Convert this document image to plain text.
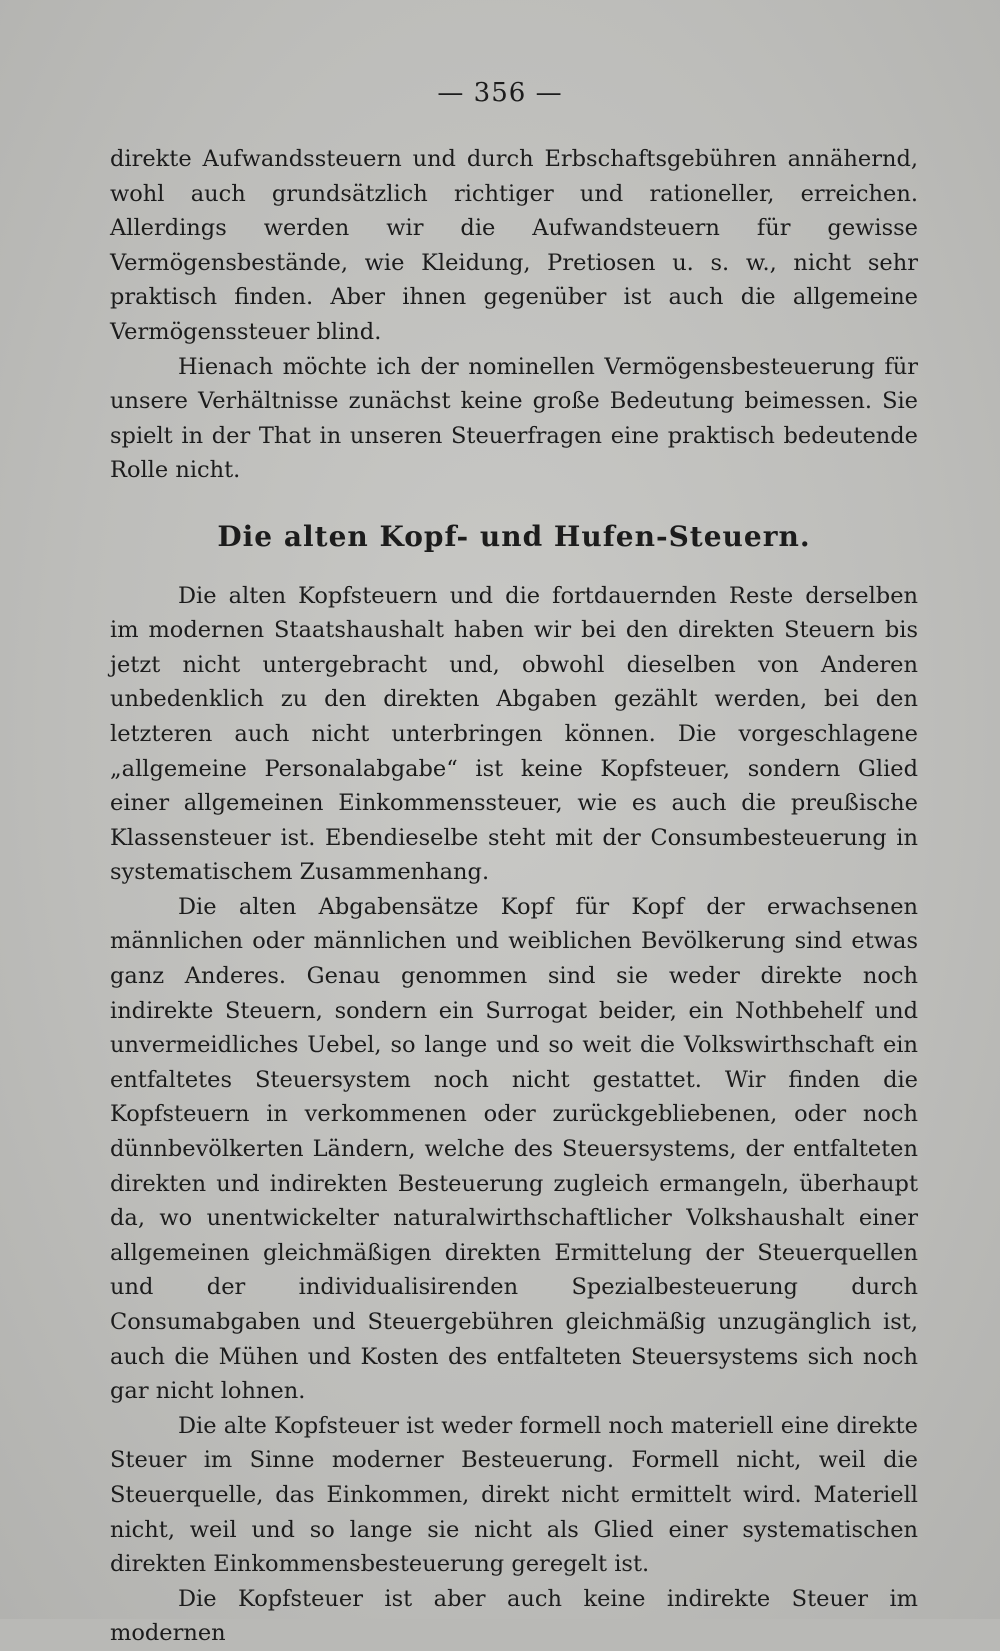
— 356 —

direkte Aufwandssteuern und durch Erbschaftsgebühren annähernd, wohl auch grundsätzlich richtiger und rationeller, erreichen. Allerdings werden wir die Aufwandsteuern für gewisse Vermögensbestände, wie Kleidung, Pretiosen u. s. w., nicht sehr praktisch finden. Aber ihnen gegenüber ist auch die allgemeine Vermögenssteuer blind.

Hienach möchte ich der nominellen Vermögensbesteuerung für unsere Verhältnisse zunächst keine große Bedeutung beimessen. Sie spielt in der That in unseren Steuerfragen eine praktisch bedeutende Rolle nicht.

Die alten Kopf- und Hufen-Steuern.

Die alten Kopfsteuern und die fortdauernden Reste derselben im modernen Staatshaushalt haben wir bei den direkten Steuern bis jetzt nicht untergebracht und, obwohl dieselben von Anderen unbedenklich zu den direkten Abgaben gezählt werden, bei den letzteren auch nicht unterbringen können. Die vorgeschlagene „allgemeine Personalabgabe“ ist keine Kopfsteuer, sondern Glied einer allgemeinen Einkommenssteuer, wie es auch die preußische Klassensteuer ist. Ebendieselbe steht mit der Consumbesteuerung in systematischem Zusammenhang.

Die alten Abgabensätze Kopf für Kopf der erwachsenen männlichen oder männlichen und weiblichen Bevölkerung sind etwas ganz Anderes. Genau genommen sind sie weder direkte noch indirekte Steuern, sondern ein Surrogat beider, ein Nothbehelf und unvermeidliches Uebel, so lange und so weit die Volkswirthschaft ein entfaltetes Steuersystem noch nicht gestattet. Wir finden die Kopfsteuern in verkommenen oder zurückgebliebenen, oder noch dünnbevölkerten Ländern, welche des Steuersystems, der entfalteten direkten und indirekten Besteuerung zugleich ermangeln, überhaupt da, wo unentwickelter naturalwirthschaftlicher Volkshaushalt einer allgemeinen gleichmäßigen direkten Ermittelung der Steuerquellen und der individualisirenden Spezialbesteuerung durch Consumabgaben und Steuergebühren gleichmäßig unzugänglich ist, auch die Mühen und Kosten des entfalteten Steuersystems sich noch gar nicht lohnen.

Die alte Kopfsteuer ist weder formell noch materiell eine direkte Steuer im Sinne moderner Besteuerung. Formell nicht, weil die Steuerquelle, das Einkommen, direkt nicht ermittelt wird. Materiell nicht, weil und so lange sie nicht als Glied einer systematischen direkten Einkommensbesteuerung geregelt ist.

Die Kopfsteuer ist aber auch keine indirekte Steuer im modernen
